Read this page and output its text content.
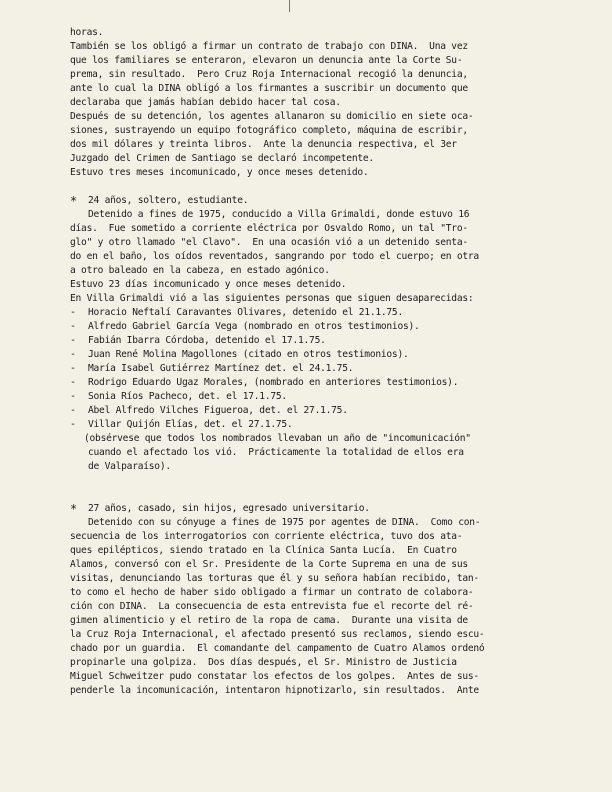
horas.
También se los obligó a firmar un contrato de trabajo con DINA.  Una vez
que los familiares se enteraron, elevaron un denuncia ante la Corte Su-
prema, sin resultado.  Pero Cruz Roja Internacional recogió la denuncia,
ante lo cual la DINA obligó a los firmantes a suscribir un documento que
declaraba que jamás habían debido hacer tal cosa.
Después de su detención, los agentes allanaron su domicilio en siete oca-
siones, sustrayendo un equipo fotográfico completo, máquina de escribir,
dos mil dólares y treinta libros.  Ante la denuncia respectiva, el 3er
Juzgado del Crimen de Santiago se declaró incompetente.
Estuvo tres meses incomunicado, y once meses detenido.
* 24 años, soltero, estudiante.
Detenido a fines de 1975, conducido a Villa Grimaldi, donde estuvo 16
días.  Fue sometido a corriente eléctrica por Osvaldo Romo, un tal "Tro-
glo" y otro llamado "el Clavo".  En una ocasión vió a un detenido senta-
do en el baño, los oídos reventados, sangrando por todo el cuerpo; en otra
a otro baleado en la cabeza, en estado agónico.
Estuvo 23 días incomunicado y once meses detenido.
En Villa Grimaldi vió a las siguientes personas que siguen desaparecidas:
- Horacio Neftalí Caravantes Olivares, detenido el 21.1.75.
- Alfredo Gabriel García Vega (nombrado en otros testimonios).
- Fabián Ibarra Córdoba, detenido el 17.1.75.
- Juan René Molina Magollones (citado en otros testimonios).
- María Isabel Gutiérrez Martínez det. el 24.1.75.
- Rodrigo Eduardo Ugaz Morales, (nombrado en anteriores testimonios).
- Sonia Ríos Pacheco, det. el 17.1.75.
- Abel Alfredo Vilches Figueroa, det. el 27.1.75.
- Villar Quijón Elías, det. el 27.1.75.
(obsérvese que todos los nombrados llevaban un año de "incomunicación"
cuando el afectado los vió.  Prácticamente la totalidad de ellos era
de Valparaíso).
* 27 años, casado, sin hijos, egresado universitario.
Detenido con su cónyuge a fines de 1975 por agentes de DINA.  Como con-
secuencia de los interrogatorios con corriente eléctrica, tuvo dos ata-
ques epilépticos, siendo tratado en la Clínica Santa Lucía.  En Cuatro
Alamos, conversó con el Sr. Presidente de la Corte Suprema en una de sus
visitas, denunciando las torturas que él y su señora habían recibido, tan-
to como el hecho de haber sido obligado a firmar un contrato de colabora-
ción con DINA.  La consecuencia de esta entrevista fue el recorte del ré-
gimen alimenticio y el retiro de la ropa de cama.  Durante una visita de
la Cruz Roja Internacional, el afectado presentó sus reclamos, siendo escu-
chado por un guardia.  El comandante del campamento de Cuatro Alamos ordenó
propinarle una golpiza.  Dos días después, el Sr. Ministro de Justicia
Miguel Schweitzer pudo constatar los efectos de los golpes.  Antes de sus-
penderle la incomunicación, intentaron hipnotizarlo, sin resultados.  Ante
